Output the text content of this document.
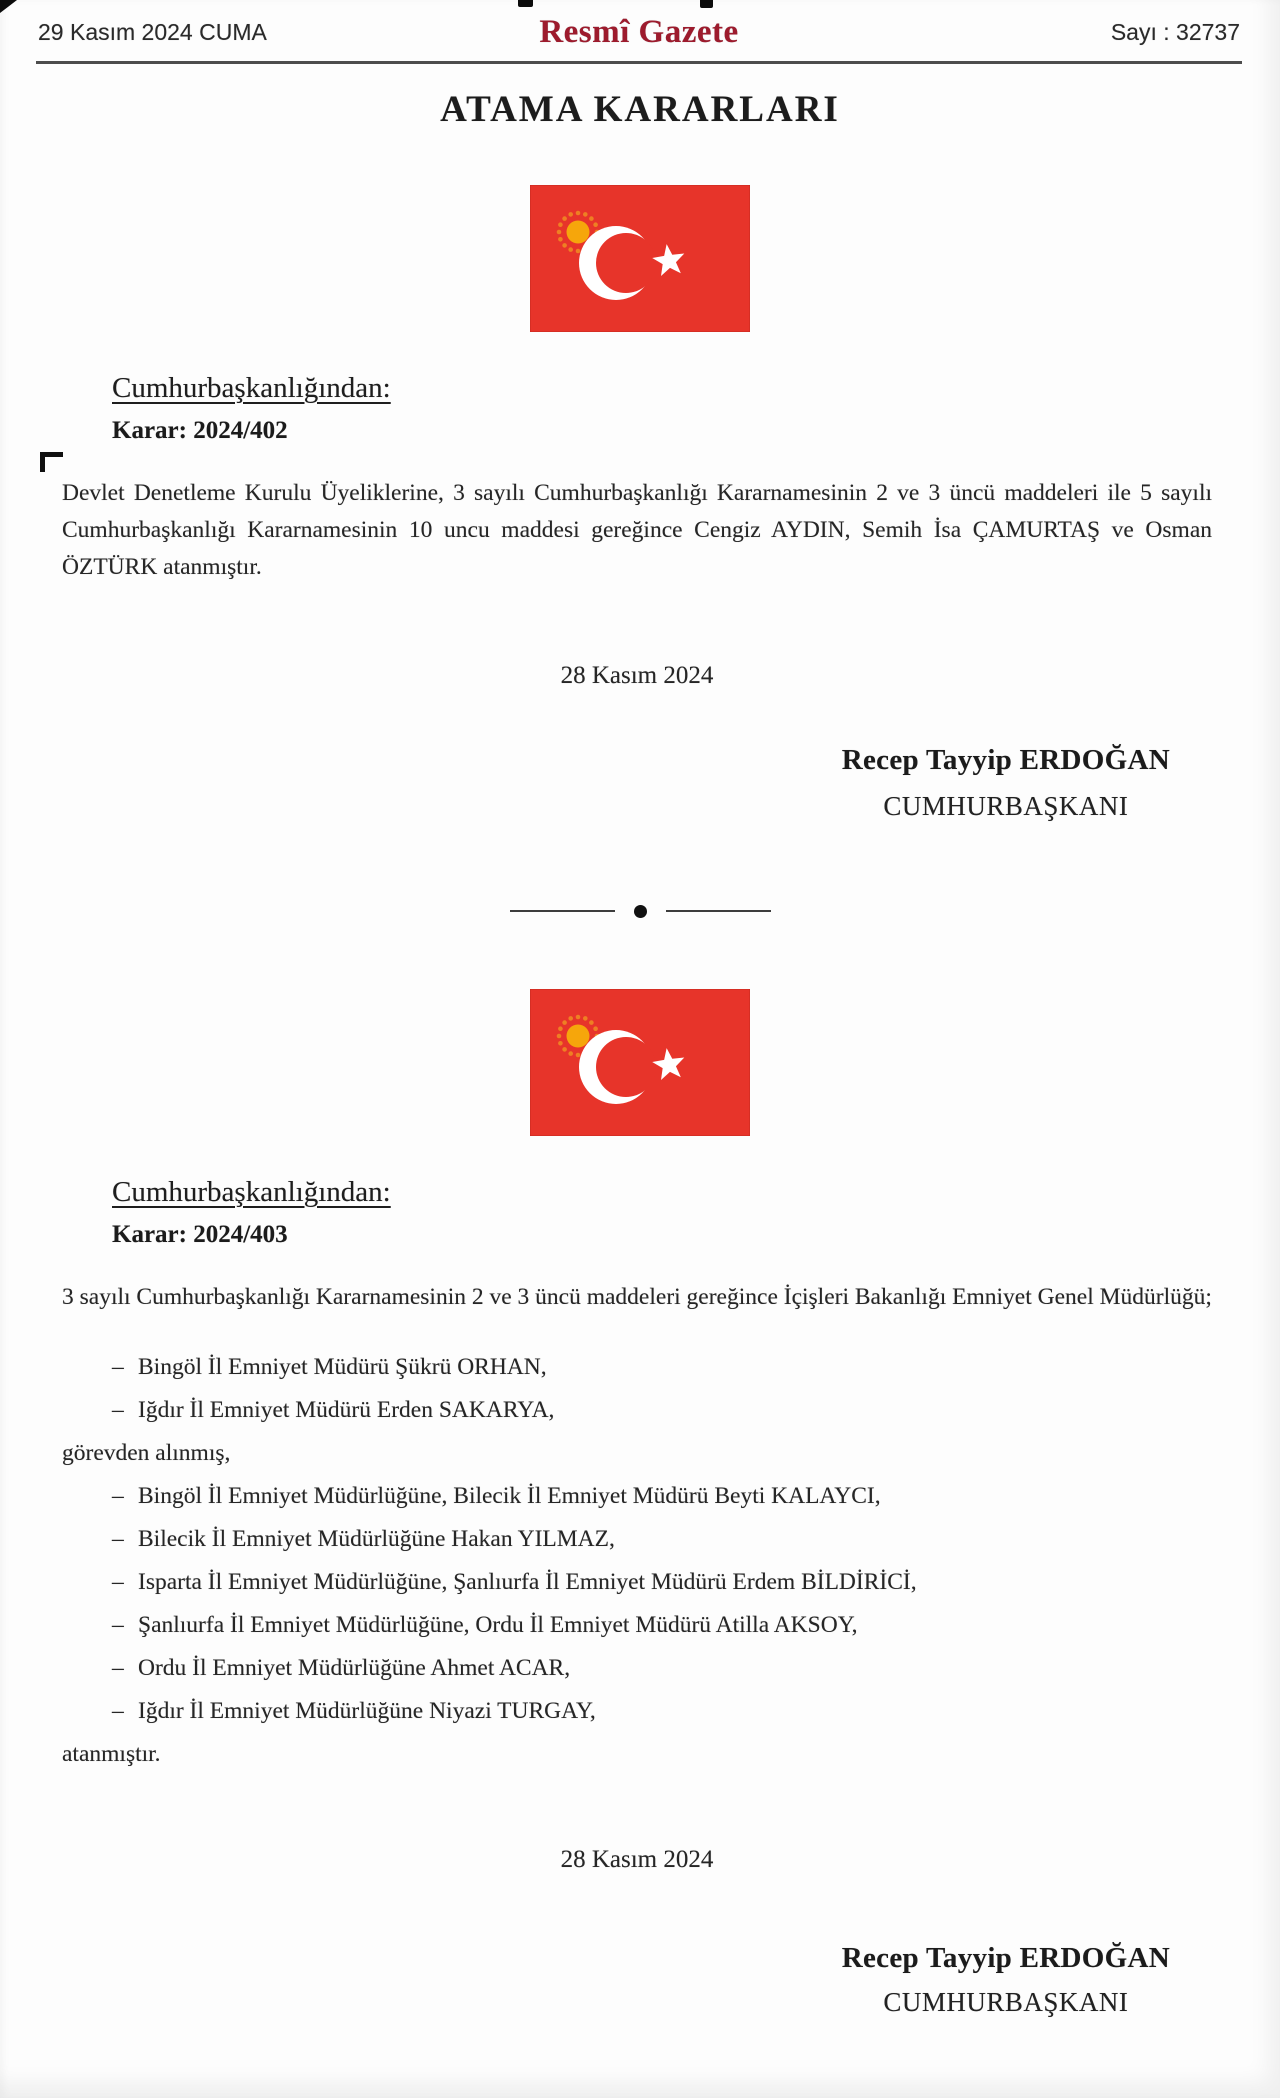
29 Kasım 2024 CUMA	Resmî Gazete	Sayı : 32737
ATAMA KARARLARI
Cumhurbaşkanlığından:
Karar: 2024/402

Devlet Denetleme Kurulu Üyeliklerine, 3 sayılı Cumhurbaşkanlığı Kararnamesinin 2 ve 3 üncü maddeleri ile 5 sayılı Cumhurbaşkanlığı Kararnamesinin 10 uncu maddesi gereğince Cengiz AYDIN, Semih İsa ÇAMURTAŞ ve Osman ÖZTÜRK atanmıştır.

28 Kasım 2024
Recep Tayyip ERDOĞAN
CUMHURBAŞKANI
Cumhurbaşkanlığından:
Karar: 2024/403

3 sayılı Cumhurbaşkanlığı Kararnamesinin 2 ve 3 üncü maddeleri gereğince İçişleri Bakanlığı Emniyet Genel Müdürlüğü;

– Bingöl İl Emniyet Müdürü Şükrü ORHAN,
– Iğdır İl Emniyet Müdürü Erden SAKARYA,
görevden alınmış,
– Bingöl İl Emniyet Müdürlüğüne, Bilecik İl Emniyet Müdürü Beyti KALAYCI,
– Bilecik İl Emniyet Müdürlüğüne Hakan YILMAZ,
– Isparta İl Emniyet Müdürlüğüne, Şanlıurfa İl Emniyet Müdürü Erdem BİLDİRİCİ,
– Şanlıurfa İl Emniyet Müdürlüğüne, Ordu İl Emniyet Müdürü Atilla AKSOY,
– Ordu İl Emniyet Müdürlüğüne Ahmet ACAR,
– Iğdır İl Emniyet Müdürlüğüne Niyazi TURGAY,
atanmıştır.
28 Kasım 2024
Recep Tayyip ERDOĞAN
CUMHURBAŞKANI
